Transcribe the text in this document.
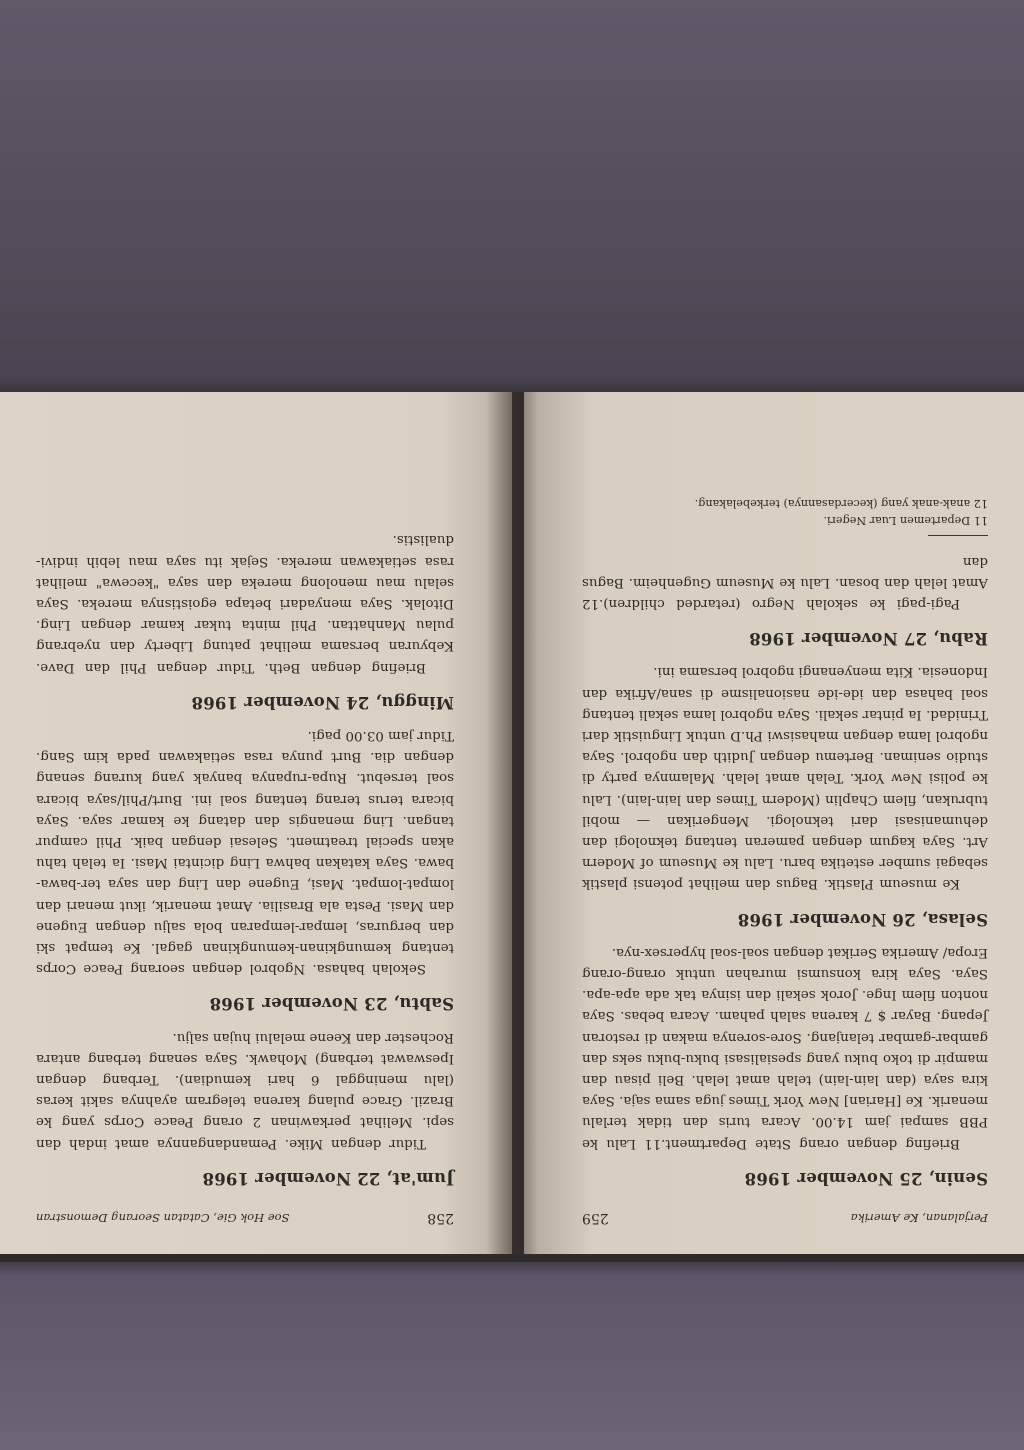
Perjalanan, Ke Amerika
259
Senin, 25 November 1968

Briefing dengan orang State Department.11 Lalu ke PBB sampai jam 14.00. Acara turis dan tidak terlalu menarik. Ke [Harian] New York Times juga sama saja. Saya kira saya (dan lain-lain) telah amat lelah. Beli pisau dan mampir di toko buku yang spesialisasi buku-buku seks dan gambar-gambar telanjang. Sore-sorenya makan di restoran Jepang. Bayar $ 7 karena salah paham. Acara bebas. Saya nonton filem Inge. Jorok sekali dan isinya tak ada apa-apa. Saya. Saya kira konsumsi murahan untuk orang-orang Eropa/ Amerika Serikat dengan soal-soal hypersex-nya.

Selasa, 26 November 1968

Ke museum Plastik. Bagus dan melihat potensi plastik sebagai sumber estetika baru. Lalu ke Museum of Modern Art. Saya kagum dengan pameran tentang teknologi dan dehumanisasi dari teknologi. Mengerikan — mobil tubrukan, filem Chaplin (Modern Times dan lain-lain). Lalu ke polisi New York. Telah amat lelah. Malamnya party di studio seniman. Bertemu dengan Judith dan ngobrol. Saya ngobrol lama dengan mahasiswi Ph.D untuk Linguistik dari Trinidad. Ia pintar sekali. Saya ngobrol lama sekali tentang soal bahasa dan ide-ide nasionalisme di sana/Afrika dan Indonesia. Kita menyenangi ngobrol bersama ini.

Rabu, 27 November 1968

Pagi-pagi ke sekolah Negro (retarded children).12 Amat lelah dan bosan. Lalu ke Museum Gugenheim. Bagus dan

11 Departemen Luar Negeri.

12 anak-anak yang (kecerdasannya) terkebelakang.

258
Soe Hok Gie, Catatan Seorang Demonstran
Jum'at, 22 November 1968

Tidur dengan Mike. Pemandangannya amat indah dan sepi. Melihat perkawinan 2 orang Peace Corps yang ke Brazil. Grace pulang karena telegram ayahnya sakit keras (lalu meninggal 6 hari kemudian). Terbang dengan Ipeswawat terbang) Mohawk. Saya senang terbang antara Rochester dan Keene melalui hujan salju.

Sabtu, 23 November 1968

Sekolah bahasa. Ngobrol dengan seorang Peace Corps tentang kemungkinan-kemungkinan gagal. Ke tempat ski dan berguras, lempar-lemparan bola salju dengan Eugene dan Masi. Pesta ala Brasilia. Amat menarik, ikut menari dan lompat-lompat. Masi, Eugene dan Ling dan saya ter-bawa-bawa. Saya katakan bahwa Ling dicintai Masi. Ia telah tahu akan special treatment. Selesai dengan baik. Phil campur tangan. Ling menangis dan datang ke kamar saya. Saya bicara terus terang tentang soal ini. Burt/Phil/saya bicara soal tersebut. Rupa-rupanya banyak yang kurang senang dengan dia. Burt punya rasa setiakawan pada kim Sang. Tidur jam 03.00 pagi.

Minggu, 24 November 1968

Briefing dengan Beth. Tidur dengan Phil dan Dave. Kebyuran bersama melihat patung Liberty dan nyebrang pulau Manhattan. Phil minta tukar kamar dengan Ling. Ditolak. Saya menyadari betapa egoistisnya mereka. Saya selalu mau menolong mereka dan saya "kecewa" melihat rasa setiakawan mereka. Sejak itu saya mau lebih indivi-dualistis.
